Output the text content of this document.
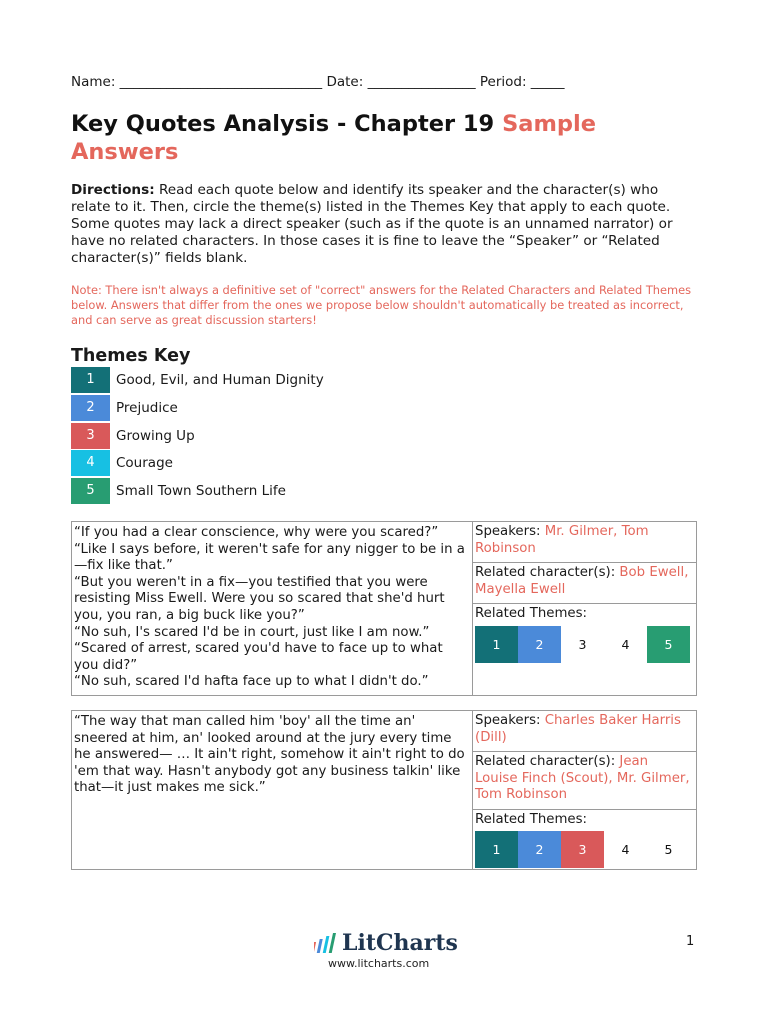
Name: ______________________________ Date: ________________ Period: _____
Key Quotes Analysis - Chapter 19 Sample Answers
Directions: Read each quote below and identify its speaker and the character(s) who relate to it. Then, circle the theme(s) listed in the Themes Key that apply to each quote. Some quotes may lack a direct speaker (such as if the quote is an unnamed narrator) or have no related characters. In those cases it is fine to leave the “Speaker” or “Related character(s)” fields blank.
Note: There isn't always a definitive set of "correct" answers for the Related Characters and Related Themes below. Answers that differ from the ones we propose below shouldn't automatically be treated as incorrect, and can serve as great discussion starters!
Themes Key
1	Good, Evil, and Human Dignity
2	Prejudice
3	Growing Up
4	Courage
5	Small Town Southern Life
“If you had a clear conscience, why were you scared?”
“Like I says before, it weren't safe for any nigger to be in a—fix like that.”
“But you weren't in a fix—you testified that you were resisting Miss Ewell. Were you so scared that she'd hurt you, you ran, a big buck like you?”
“No suh, I's scared I'd be in court, just like I am now.”
“Scared of arrest, scared you'd have to face up to what you did?”
“No suh, scared I'd hafta face up to what I didn't do.”
Speakers: Mr. Gilmer, Tom Robinson
Related character(s): Bob Ewell, Mayella Ewell
Related Themes:
1	2	3	4	5
“The way that man called him 'boy' all the time an' sneered at him, an' looked around at the jury every time he answered— … It ain't right, somehow it ain't right to do 'em that way. Hasn't anybody got any business talkin' like that—it just makes me sick.”
Speakers: Charles Baker Harris (Dill)
Related character(s): Jean Louise Finch (Scout), Mr. Gilmer, Tom Robinson
Related Themes:
1	2	3	4	5
LitCharts
www.litcharts.com
1
